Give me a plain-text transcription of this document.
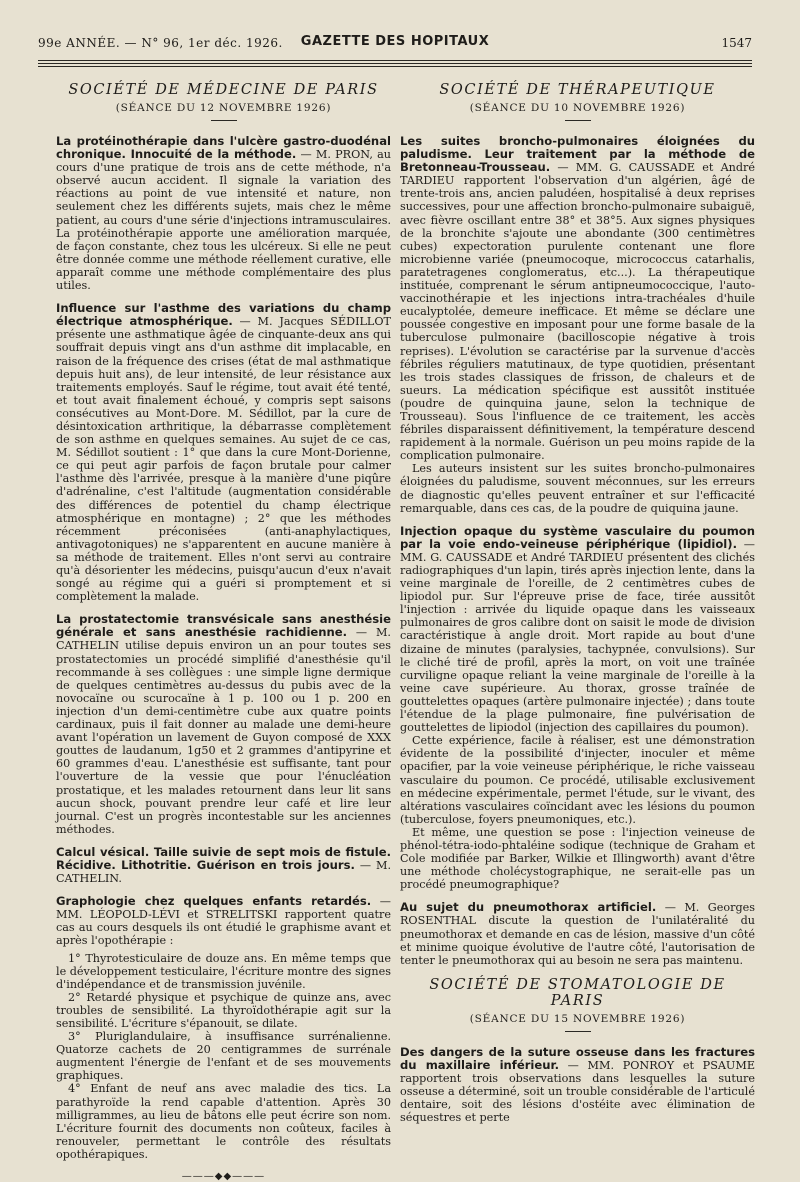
99e ANNÉE. — N° 96, 1er déc. 1926.	GAZETTE DES HOPITAUX	1547
SOCIÉTÉ DE MÉDECINE DE PARIS
(SÉANCE DU 12 NOVEMBRE 1926)

La protéinothérapie dans l'ulcère gastro-duodénal chronique. Innocuité de la méthode. — M. PRON, au cours d'une pratique de trois ans de cette méthode, n'a observé aucun accident. Il signale la variation des réactions au point de vue intensité et nature, non seulement chez les différents sujets, mais chez le même patient, au cours d'une série d'injections intramusculaires. La protéinothérapie apporte une amélioration marquée, de façon constante, chez tous les ulcéreux. Si elle ne peut être donnée comme une méthode réellement curative, elle apparaît comme une méthode complémentaire des plus utiles.

Influence sur l'asthme des variations du champ électrique atmosphérique. — M. Jacques SÉDILLOT présente une asthmatique âgée de cinquante-deux ans qui souffrait depuis vingt ans d'un asthme dit implacable, en raison de la fréquence des crises (état de mal asthmatique depuis huit ans), de leur intensité, de leur résistance aux traitements employés. Sauf le régime, tout avait été tenté, et tout avait finalement échoué, y compris sept saisons consécutives au Mont-Dore. M. Sédillot, par la cure de désintoxication arthritique, la débarrasse complètement de son asthme en quelques semaines. Au sujet de ce cas, M. Sédillot soutient : 1° que dans la cure Mont-Dorienne, ce qui peut agir parfois de façon brutale pour calmer l'asthme dès l'arrivée, presque à la manière d'une piqûre d'adrénaline, c'est l'altitude (augmentation considérable des différences de potentiel du champ électrique atmosphérique en montagne) ; 2° que les méthodes récemment préconisées (anti-anaphylactiques, antivagotoniques) ne s'apparentent en aucune manière à sa méthode de traitement. Elles n'ont servi au contraire qu'à désorienter les médecins, puisqu'aucun d'eux n'avait songé au régime qui a guéri si promptement et si complètement la malade.

La prostatectomie transvésicale sans anesthésie générale et sans anesthésie rachidienne. — M. CATHELIN utilise depuis environ un an pour toutes ses prostatectomies un procédé simplifié d'anesthésie qu'il recommande à ses collègues : une simple ligne dermique de quelques centimètres au-dessus du pubis avec de la novocaïne ou scurocaïne à 1 p. 100 ou 1 p. 200 en injection d'un demi-centimètre cube aux quatre points cardinaux, puis il fait donner au malade une demi-heure avant l'opération un lavement de Guyon composé de XXX gouttes de laudanum, 1g50 et 2 grammes d'antipyrine et 60 grammes d'eau. L'anesthésie est suffisante, tant pour l'ouverture de la vessie que pour l'énucléation prostatique, et les malades retournent dans leur lit sans aucun shock, pouvant prendre leur café et lire leur journal. C'est un progrès incontestable sur les anciennes méthodes.

Calcul vésical. Taille suivie de sept mois de fistule. Récidive. Lithotritie. Guérison en trois jours. — M. CATHELIN.

Graphologie chez quelques enfants retardés. — MM. LÉOPOLD-LÉVI et STRELITSKI rapportent quatre cas au cours desquels ils ont étudié le graphisme avant et après l'opothérapie :

1° Thyrotesticulaire de douze ans. En même temps que le développement testiculaire, l'écriture montre des signes d'indépendance et de transmission juvénile.

2° Retardé physique et psychique de quinze ans, avec troubles de sensibilité. La thyroïdothérapie agit sur la sensibilité. L'écriture s'épanouit, se dilate.

3° Pluriglandulaire, à insuffisance surrénalienne. Quatorze cachets de 20 centigrammes de surrénale augmentent l'énergie de l'enfant et de ses mouvements graphiques.

4° Enfant de neuf ans avec maladie des tics. La parathyroïde la rend capable d'attention. Après 30 milligrammes, au lieu de bâtons elle peut écrire son nom. L'écriture fournit des documents non coûteux, faciles à renouveler, permettant le contrôle des résultats opothérapiques.

———◆◆———
SOCIÉTÉ DE THÉRAPEUTIQUE
(SÉANCE DU 10 NOVEMBRE 1926)

Les suites broncho-pulmonaires éloignées du paludisme. Leur traitement par la méthode de Bretonneau-Trousseau. — MM. G. CAUSSADE et André TARDIEU rapportent l'observation d'un algérien, âgé de trente-trois ans, ancien paludéen, hospitalisé à deux reprises successives, pour une affection broncho-pulmonaire subaiguë, avec fièvre oscillant entre 38° et 38°5. Aux signes physiques de la bronchite s'ajoute une abondante (300 centimètres cubes) expectoration purulente contenant une flore microbienne variée (pneumocoque, micrococcus catarhalis, paratetragenes conglomeratus, etc...). La thérapeutique instituée, comprenant le sérum antipneumococcique, l'auto-vaccinothérapie et les injections intra-trachéales d'huile eucalyptolée, demeure inefficace. Et même se déclare une poussée congestive en imposant pour une forme basale de la tuberculose pulmonaire (bacilloscopie négative à trois reprises). L'évolution se caractérise par la survenue d'accès fébriles réguliers matutinaux, de type quotidien, présentant les trois stades classiques de frisson, de chaleurs et de sueurs. La médication spécifique est aussitôt instituée (poudre de quinquina jaune, selon la technique de Trousseau). Sous l'influence de ce traitement, les accès fébriles disparaissent définitivement, la température descend rapidement à la normale. Guérison un peu moins rapide de la complication pulmonaire.

Les auteurs insistent sur les suites broncho-pulmonaires éloignées du paludisme, souvent méconnues, sur les erreurs de diagnostic qu'elles peuvent entraîner et sur l'efficacité remarquable, dans ces cas, de la poudre de quiquina jaune.

Injection opaque du système vasculaire du poumon par la voie endo-veineuse périphérique (lipidiol). — MM. G. CAUSSADE et André TARDIEU présentent des clichés radiographiques d'un lapin, tirés après injection lente, dans la veine marginale de l'oreille, de 2 centimètres cubes de lipiodol pur. Sur l'épreuve prise de face, tirée aussitôt l'injection : arrivée du liquide opaque dans les vaisseaux pulmonaires de gros calibre dont on saisit le mode de division caractéristique à angle droit. Mort rapide au bout d'une dizaine de minutes (paralysies, tachypnée, convulsions). Sur le cliché tiré de profil, après la mort, on voit une traînée curviligne opaque reliant la veine marginale de l'oreille à la veine cave supérieure. Au thorax, grosse traînée de gouttelettes opaques (artère pulmonaire injectée) ; dans toute l'étendue de la plage pulmonaire, fine pulvérisation de gouttelettes de lipiodol (injection des capillaires du poumon).

Cette expérience, facile à réaliser, est une démonstration évidente de la possibilité d'injecter, inoculer et même opacifier, par la voie veineuse périphérique, le riche vaisseau vasculaire du poumon. Ce procédé, utilisable exclusivement en médecine expérimentale, permet l'étude, sur le vivant, des altérations vasculaires coïncidant avec les lésions du poumon (tuberculose, foyers pneumoniques, etc.).

Et même, une question se pose : l'injection veineuse de phénol-tétra-iodo-phtaléine sodique (technique de Graham et Cole modifiée par Barker, Wilkie et Illingworth) avant d'être une méthode cholécystographique, ne serait-elle pas un procédé pneumographique?

Au sujet du pneumothorax artificiel. — M. Georges ROSENTHAL discute la question de l'unilatéralité du pneumothorax et demande en cas de lésion, massive d'un côté et minime quoique évolutive de l'autre côté, l'autorisation de tenter le pneumothorax qui au besoin ne sera pas maintenu.

SOCIÉTÉ DE STOMATOLOGIE DE PARIS
(SÉANCE DU 15 NOVEMBRE 1926)

Des dangers de la suture osseuse dans les fractures du maxillaire inférieur. — MM. PONROY et PSAUME rapportent trois observations dans lesquelles la suture osseuse a déterminé, soit un trouble considérable de l'articulé dentaire, soit des lésions d'ostéite avec élimination de séquestres et perte
